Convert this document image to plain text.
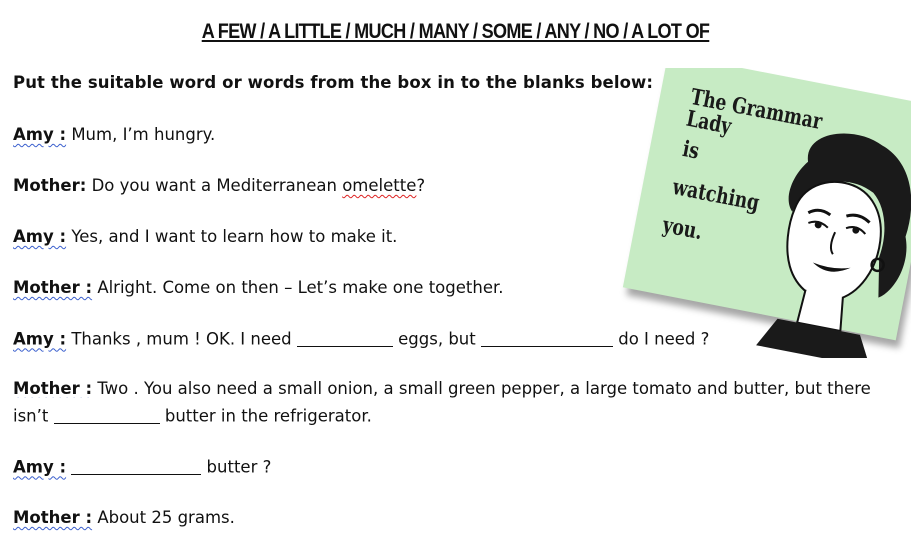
A FEW / A LITTLE / MUCH / MANY / SOME / ANY / NO / A LOT OF
Put the suitable word or words from the box in to the blanks below:
Amy : Mum, I’m hungry.
Mother: Do you want a Mediterranean omelette?
Amy : Yes, and I want to learn how to make it.
Mother : Alright. Come on then – Let’s make one together.
Amy : Thanks , mum ! OK. I need	eggs, but	do I need ?
Mother : Two . You also need a small onion, a small green pepper, a large tomato and butter, but there
isn’t	butter in the refrigerator.
Amy :	butter ?
Mother : About 25 grams.
The Grammar Lady
is
watching
you.
